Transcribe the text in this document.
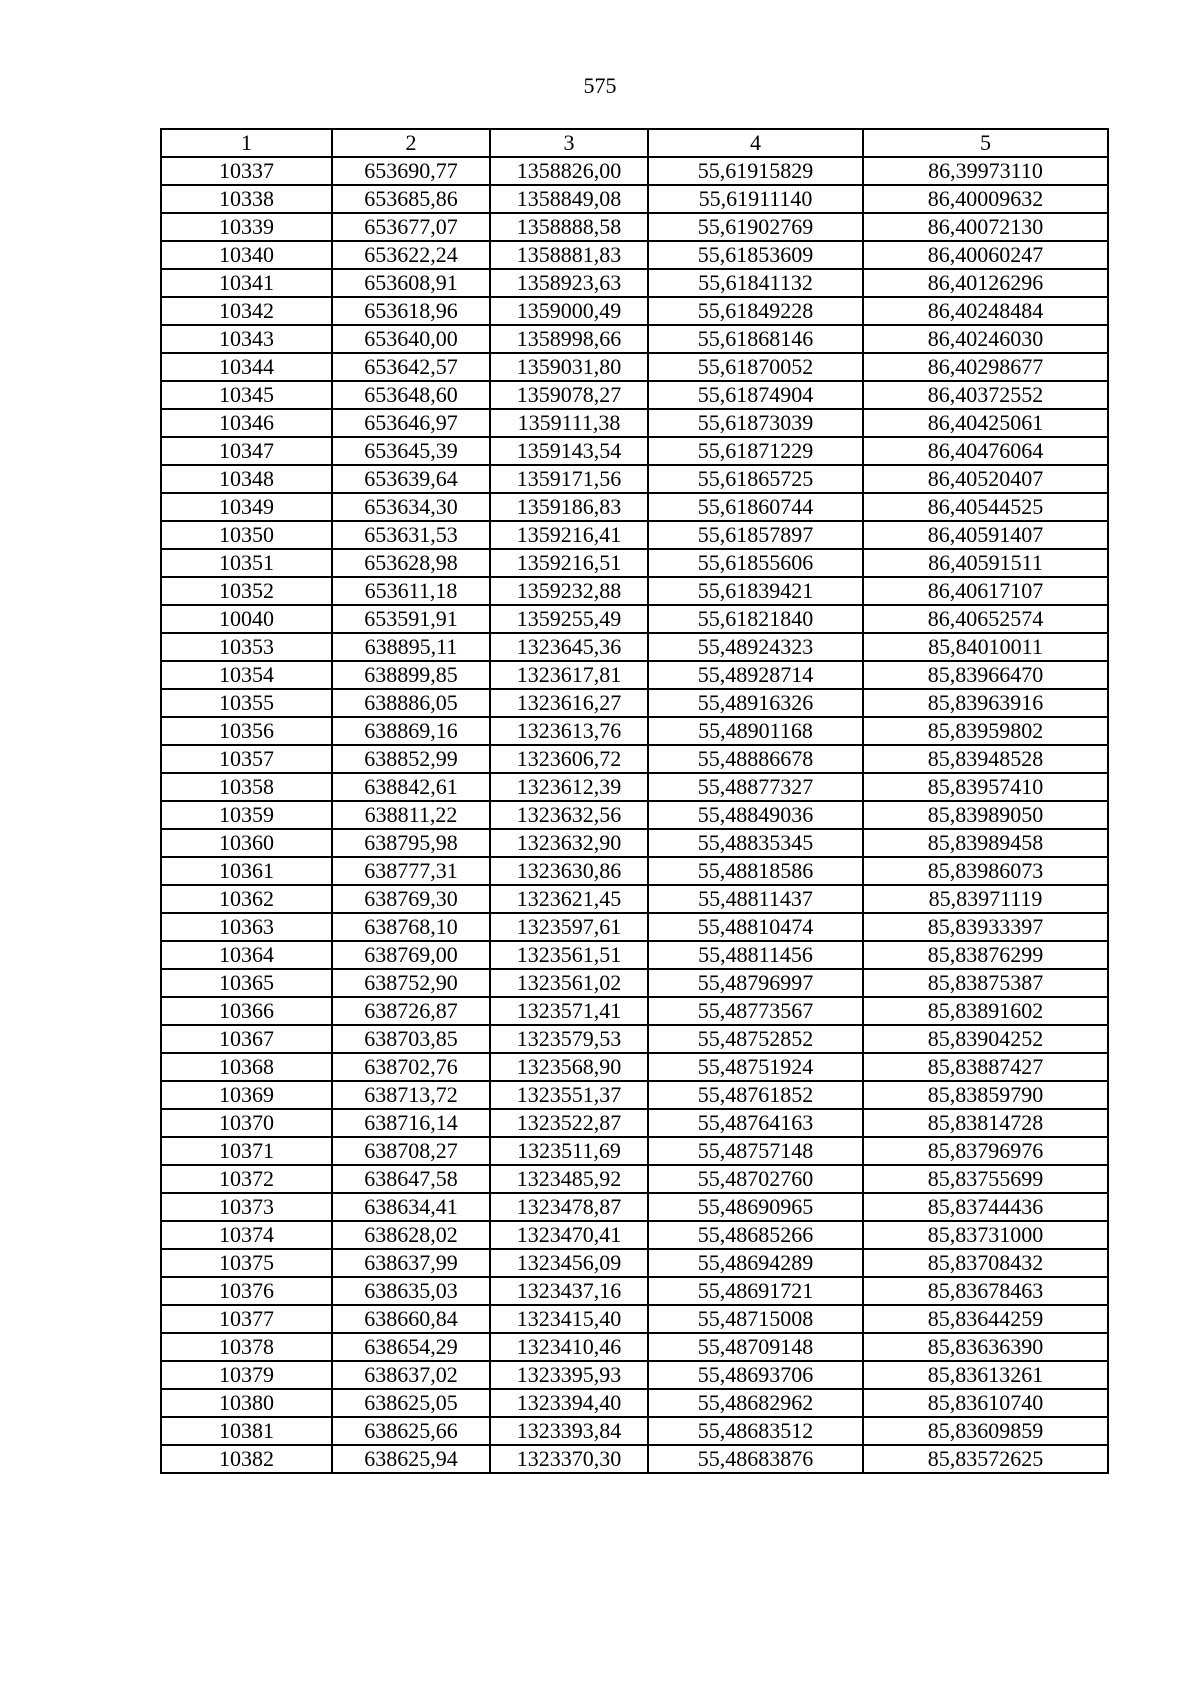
575
1	2	3	4	5
10337	653690,77	1358826,00	55,61915829	86,39973110
10338	653685,86	1358849,08	55,61911140	86,40009632
10339	653677,07	1358888,58	55,61902769	86,40072130
10340	653622,24	1358881,83	55,61853609	86,40060247
10341	653608,91	1358923,63	55,61841132	86,40126296
10342	653618,96	1359000,49	55,61849228	86,40248484
10343	653640,00	1358998,66	55,61868146	86,40246030
10344	653642,57	1359031,80	55,61870052	86,40298677
10345	653648,60	1359078,27	55,61874904	86,40372552
10346	653646,97	1359111,38	55,61873039	86,40425061
10347	653645,39	1359143,54	55,61871229	86,40476064
10348	653639,64	1359171,56	55,61865725	86,40520407
10349	653634,30	1359186,83	55,61860744	86,40544525
10350	653631,53	1359216,41	55,61857897	86,40591407
10351	653628,98	1359216,51	55,61855606	86,40591511
10352	653611,18	1359232,88	55,61839421	86,40617107
10040	653591,91	1359255,49	55,61821840	86,40652574
10353	638895,11	1323645,36	55,48924323	85,84010011
10354	638899,85	1323617,81	55,48928714	85,83966470
10355	638886,05	1323616,27	55,48916326	85,83963916
10356	638869,16	1323613,76	55,48901168	85,83959802
10357	638852,99	1323606,72	55,48886678	85,83948528
10358	638842,61	1323612,39	55,48877327	85,83957410
10359	638811,22	1323632,56	55,48849036	85,83989050
10360	638795,98	1323632,90	55,48835345	85,83989458
10361	638777,31	1323630,86	55,48818586	85,83986073
10362	638769,30	1323621,45	55,48811437	85,83971119
10363	638768,10	1323597,61	55,48810474	85,83933397
10364	638769,00	1323561,51	55,48811456	85,83876299
10365	638752,90	1323561,02	55,48796997	85,83875387
10366	638726,87	1323571,41	55,48773567	85,83891602
10367	638703,85	1323579,53	55,48752852	85,83904252
10368	638702,76	1323568,90	55,48751924	85,83887427
10369	638713,72	1323551,37	55,48761852	85,83859790
10370	638716,14	1323522,87	55,48764163	85,83814728
10371	638708,27	1323511,69	55,48757148	85,83796976
10372	638647,58	1323485,92	55,48702760	85,83755699
10373	638634,41	1323478,87	55,48690965	85,83744436
10374	638628,02	1323470,41	55,48685266	85,83731000
10375	638637,99	1323456,09	55,48694289	85,83708432
10376	638635,03	1323437,16	55,48691721	85,83678463
10377	638660,84	1323415,40	55,48715008	85,83644259
10378	638654,29	1323410,46	55,48709148	85,83636390
10379	638637,02	1323395,93	55,48693706	85,83613261
10380	638625,05	1323394,40	55,48682962	85,83610740
10381	638625,66	1323393,84	55,48683512	85,83609859
10382	638625,94	1323370,30	55,48683876	85,83572625
